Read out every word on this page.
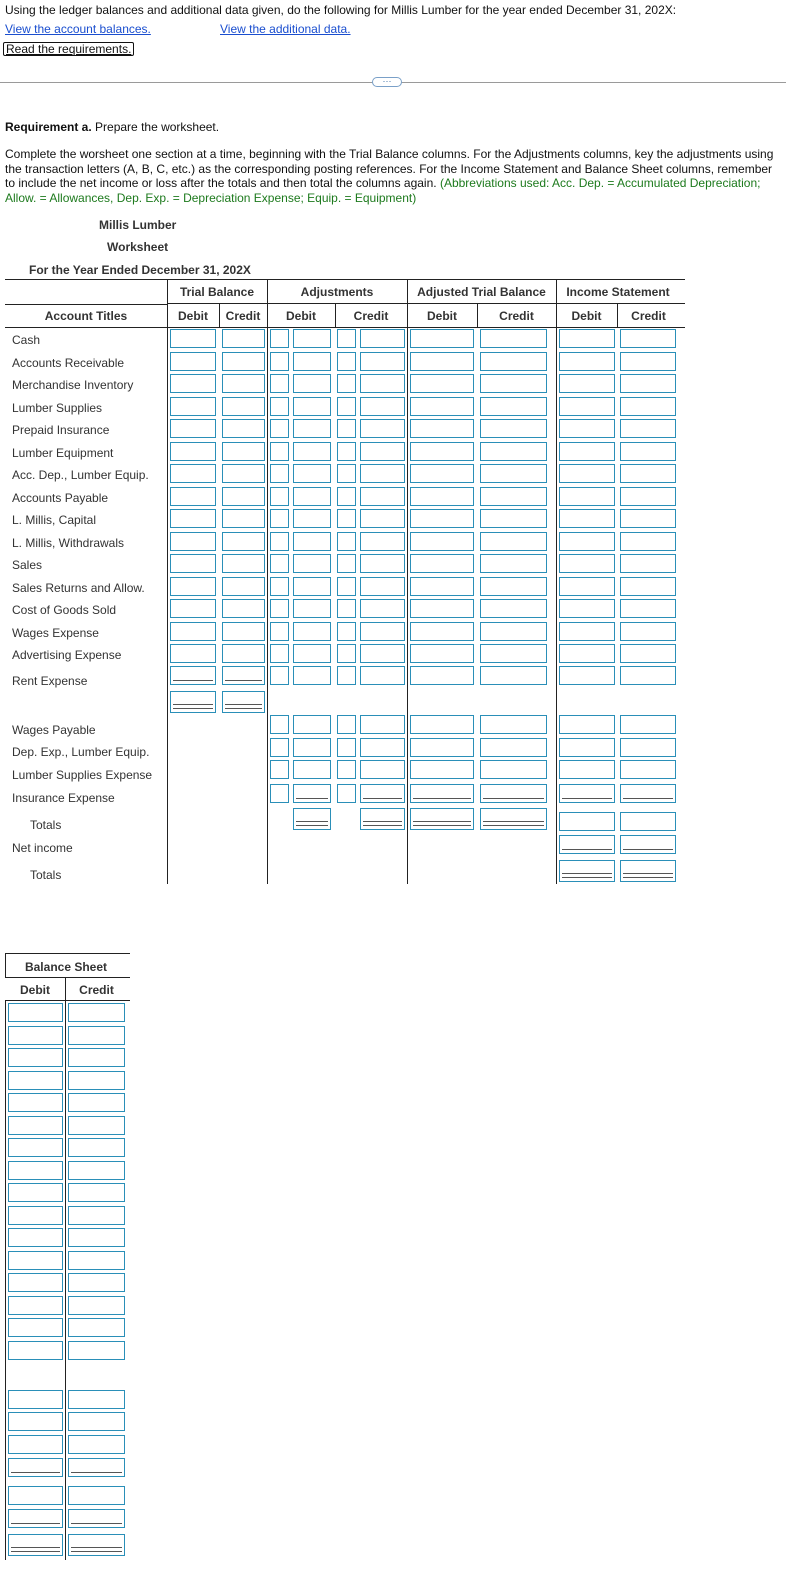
Using the ledger balances and additional data given, do the following for Millis Lumber for the year ended December 31, 202X:
View the account balances.	View the additional data.
Read the requirements.
···
Requirement a. Prepare the worksheet.
Complete the worsheet one section at a time, beginning with the Trial Balance columns. For the Adjustments columns, key the adjustments using the transaction letters (A, B, C, etc.) as the corresponding posting references. For the Income Statement and Balance Sheet columns, remember to include the net income or loss after the totals and then total the columns again. (Abbreviations used: Acc. Dep. = Accumulated Depreciation; Allow. = Allowances, Dep. Exp. = Depreciation Expense; Equip. = Equipment)
Millis Lumber
Worksheet
For the Year Ended December 31, 202X
Trial Balance	Adjustments	Adjusted Trial Balance	Income Statement
Account Titles	Debit	Credit	Debit	Credit	Debit	Credit	Debit	Credit
Cash
Accounts Receivable
Merchandise Inventory
Lumber Supplies
Prepaid Insurance
Lumber Equipment
Acc. Dep., Lumber Equip.
Accounts Payable
L. Millis, Capital
L. Millis, Withdrawals
Sales
Sales Returns and Allow.
Cost of Goods Sold
Wages Expense
Advertising Expense
Rent Expense
Wages Payable
Dep. Exp., Lumber Equip.
Lumber Supplies Expense
Insurance Expense
Totals
Net income
Totals
Balance Sheet
Debit	Credit
